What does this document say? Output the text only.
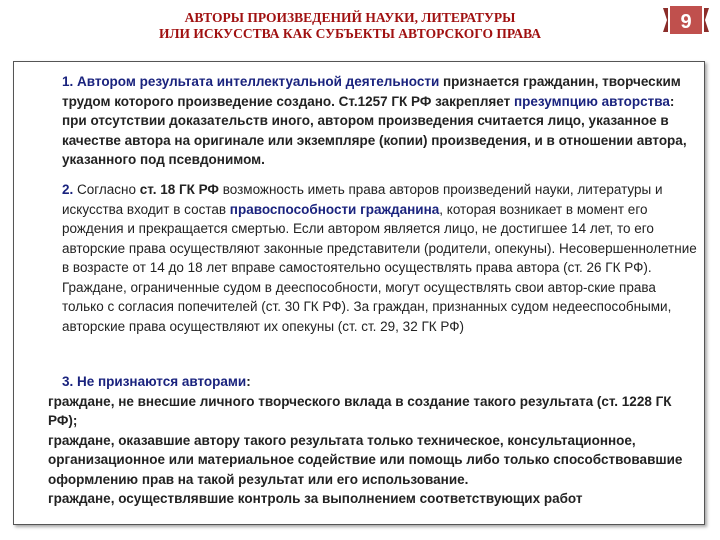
АВТОРЫ ПРОИЗВЕДЕНИЙ НАУКИ, ЛИТЕРАТУРЫ
ИЛИ ИСКУССТВА КАК СУБЪЕКТЫ АВТОРСКОГО ПРАВА
9

1. Автором результата интеллектуальной деятельности признается гражданин, творческим трудом которого произведение создано. Ст.1257 ГК РФ закрепляет презумпцию авторства: при отсутствии доказательств иного, автором произведения считается лицо, указанное в качестве автора на оригинале или экземпляре (копии) произведения, и в отношении автора, указанного под псевдонимом.

2. Согласно ст. 18 ГК РФ возможность иметь права авторов произведений науки, литературы и искусства входит в состав правоспособности гражданина, которая возникает в момент его рождения и прекращается смертью. Если автором является лицо, не достигшее 14 лет, то его авторские права осуществляют законные представители (родители, опекуны). Несовершеннолетние в возрасте от 14 до 18 лет вправе самостоятельно осуществлять права автора (ст. 26 ГК РФ).

Граждане, ограниченные судом в дееспособности, могут осуществлять свои автор-ские права только с согласия попечителей (ст. 30 ГК РФ). За граждан, признанных судом недееспособными, авторские права осуществляют их опекуны (ст. ст. 29, 32 ГК РФ)

3. Не признаются авторами:

граждане, не внесшие личного творческого вклада в создание такого результата (ст. 1228 ГК РФ);

граждане, оказавшие автору такого результата только техническое, консультационное, организационное или материальное содействие или помощь либо только способствовавшие оформлению прав на такой результат или его использование.

граждане, осуществлявшие контроль за выполнением соответствующих работ
